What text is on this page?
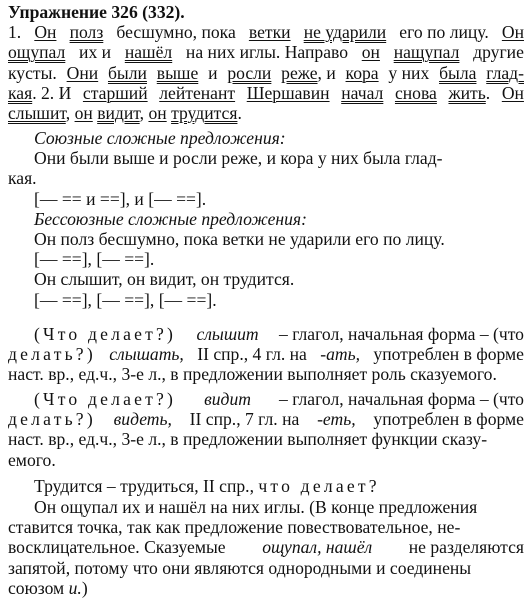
Упражнение 326 (332).
1. Он полз бесшумно, пока ветки не ударили его по лицу. Он
ощупал их и нашёл на них иглы. Направо он нащупал другие
кусты. Они были выше и росли реже, и кора у них была глад-
кая. 2. И старший лейтенант Шершавин начал снова жить. Он
слышит, он видит, он трудится.
Союзные сложные предложения:
Они были выше и росли реже, и кора у них была глад-
кая.
[— == и ==], и [— ==].
Бессоюзные сложные предложения:
Он полз бесшумно, пока ветки не ударили его по лицу.
[— ==], [— ==].
Он слышит, он видит, он трудится.
[— ==], [— ==], [— ==].
(Что делает?) слышит – глагол, начальная форма – (что
делать?) слышать, II спр., 4 гл. на -ать, употреблен в форме
наст. вр., ед.ч., 3-е л., в предложении выполняет роль сказуемого.
(Что делает?) видит – глагол, начальная форма – (что
делать?) видеть, II спр., 7 гл. на -еть, употреблен в форме
наст. вр., ед.ч., 3-е л., в предложении выполняет функции сказу-
емого.
Трудится – трудиться, II спр., что делает?
Он ощупал их и нашёл на них иглы. (В конце предложения
ставится точка, так как предложение повествовательное, не-
восклицательное. Сказуемые ощупал, нашёл не разделяются
запятой, потому что они являются однородными и соединены
союзом и.)
